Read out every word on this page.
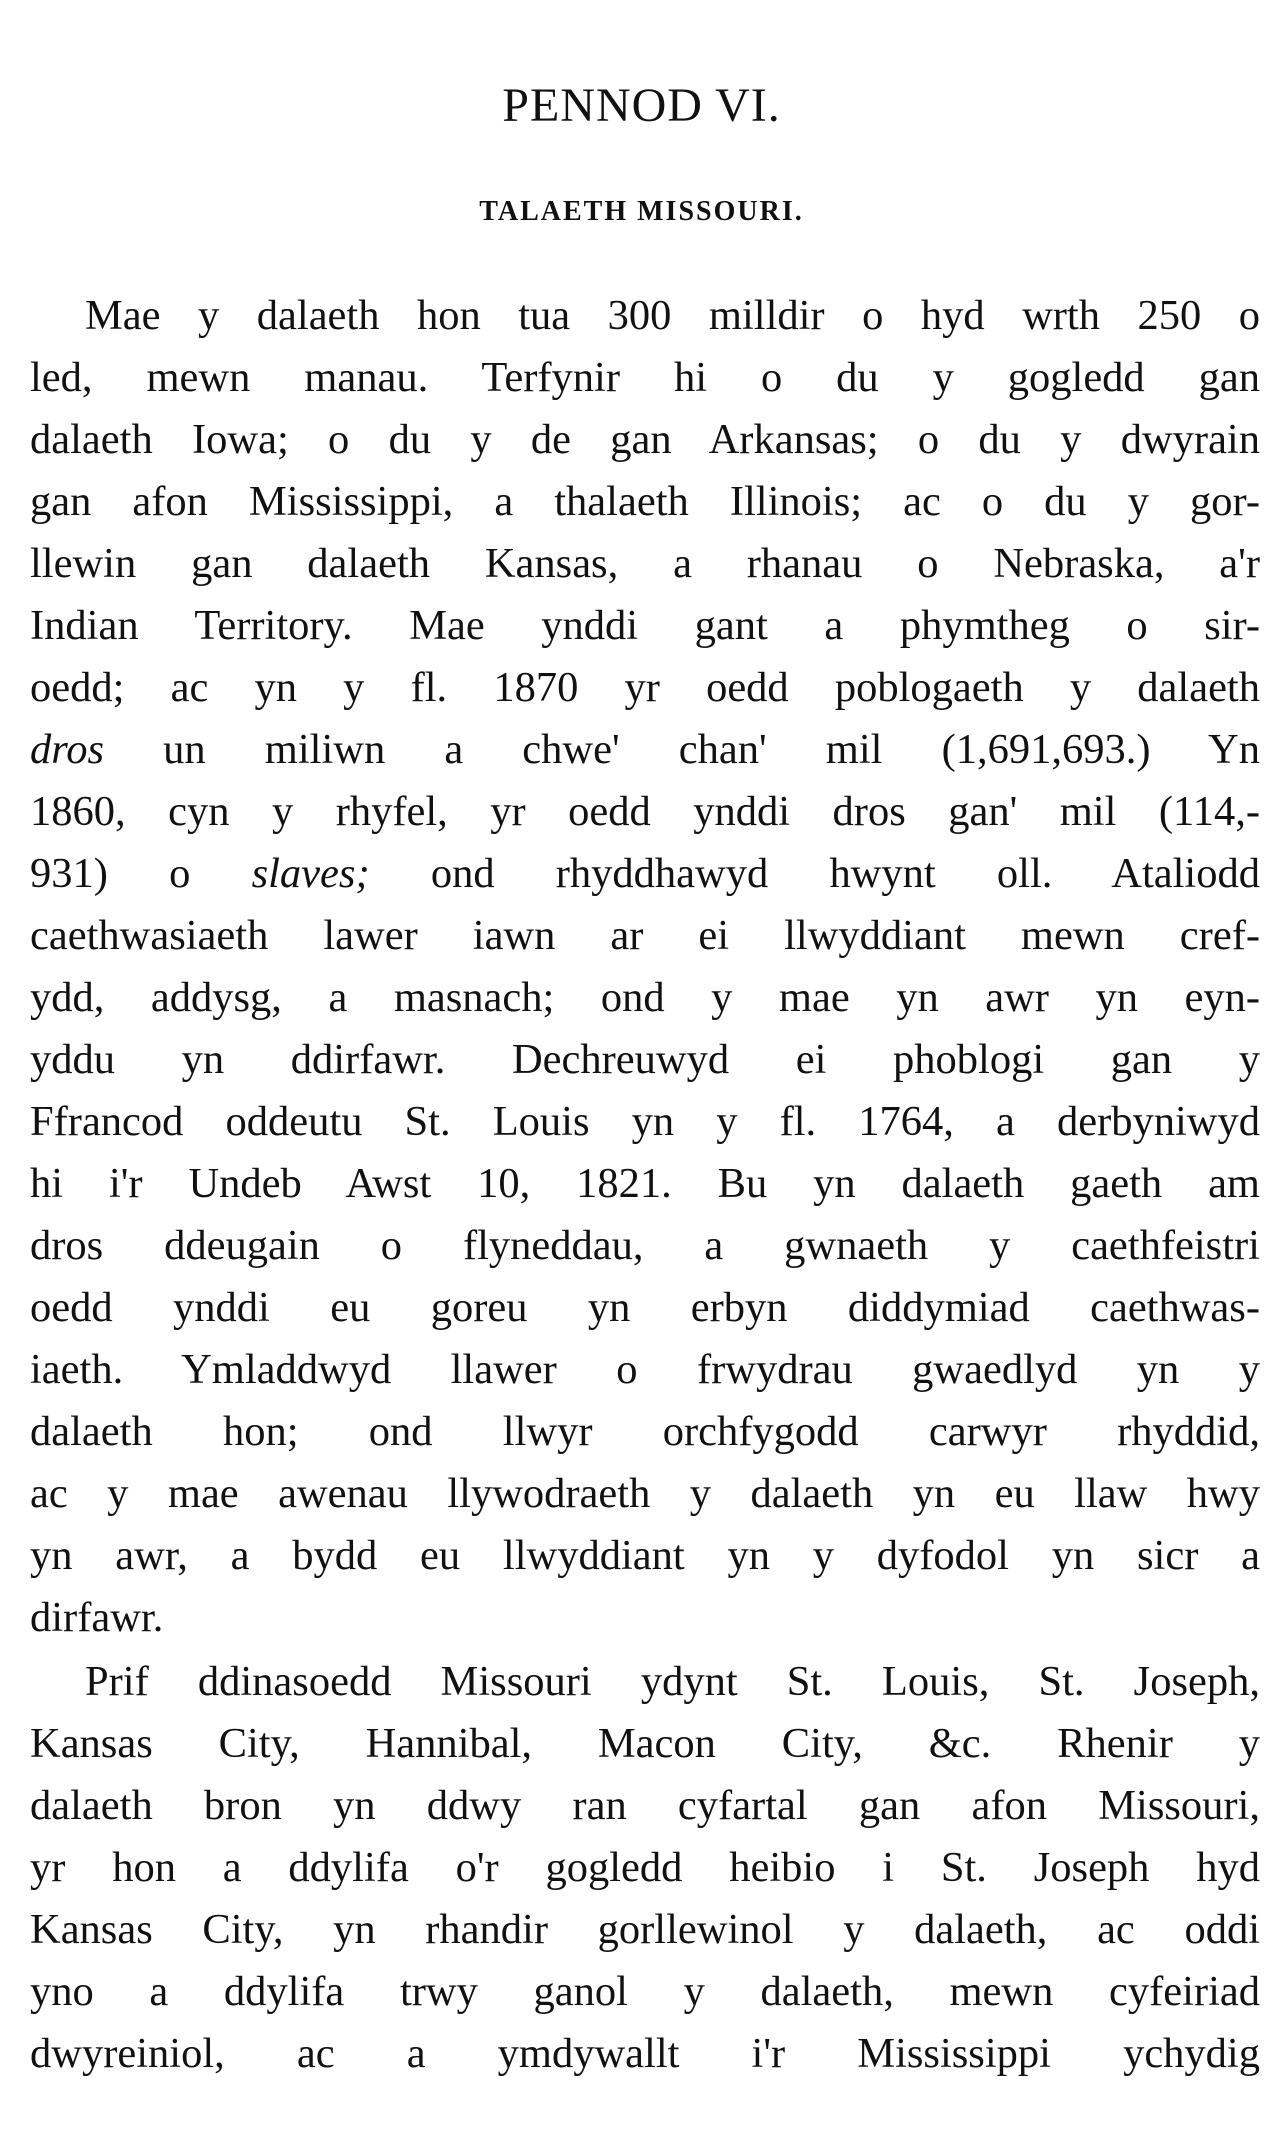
PENNOD VI.
TALAETH MISSOURI.
Mae y dalaeth hon tua 300 milldir o hyd wrth 250 o
led, mewn manau. Terfynir hi o du y gogledd gan
dalaeth Iowa; o du y de gan Arkansas; o du y dwyrain
gan afon Mississippi, a thalaeth Illinois; ac o du y gor-
llewin gan dalaeth Kansas, a rhanau o Nebraska, a'r
Indian Territory. Mae ynddi gant a phymtheg o sir-
oedd; ac yn y fl. 1870 yr oedd poblogaeth y dalaeth
dros un miliwn a chwe' chan' mil (1,691,693.) Yn
1860, cyn y rhyfel, yr oedd ynddi dros gan' mil (114,-
931) o slaves; ond rhyddhawyd hwynt oll. Ataliodd
caethwasiaeth lawer iawn ar ei llwyddiant mewn cref-
ydd, addysg, a masnach; ond y mae yn awr yn eyn-
yddu yn ddirfawr. Dechreuwyd ei phoblogi gan y
Ffrancod oddeutu St. Louis yn y fl. 1764, a derbyniwyd
hi i'r Undeb Awst 10, 1821. Bu yn dalaeth gaeth am
dros ddeugain o flyneddau, a gwnaeth y caethfeistri
oedd ynddi eu goreu yn erbyn diddymiad caethwas-
iaeth. Ymladdwyd llawer o frwydrau gwaedlyd yn y
dalaeth hon; ond llwyr orchfygodd carwyr rhyddid,
ac y mae awenau llywodraeth y dalaeth yn eu llaw hwy
yn awr, a bydd eu llwyddiant yn y dyfodol yn sicr a
dirfawr.
Prif ddinasoedd Missouri ydynt St. Louis, St. Joseph,
Kansas City, Hannibal, Macon City, &c. Rhenir y
dalaeth bron yn ddwy ran cyfartal gan afon Missouri,
yr hon a ddylifa o'r gogledd heibio i St. Joseph hyd
Kansas City, yn rhandir gorllewinol y dalaeth, ac oddi
yno a ddylifa trwy ganol y dalaeth, mewn cyfeiriad
dwyreiniol, ac a ymdywallt i'r Mississippi ychydig
